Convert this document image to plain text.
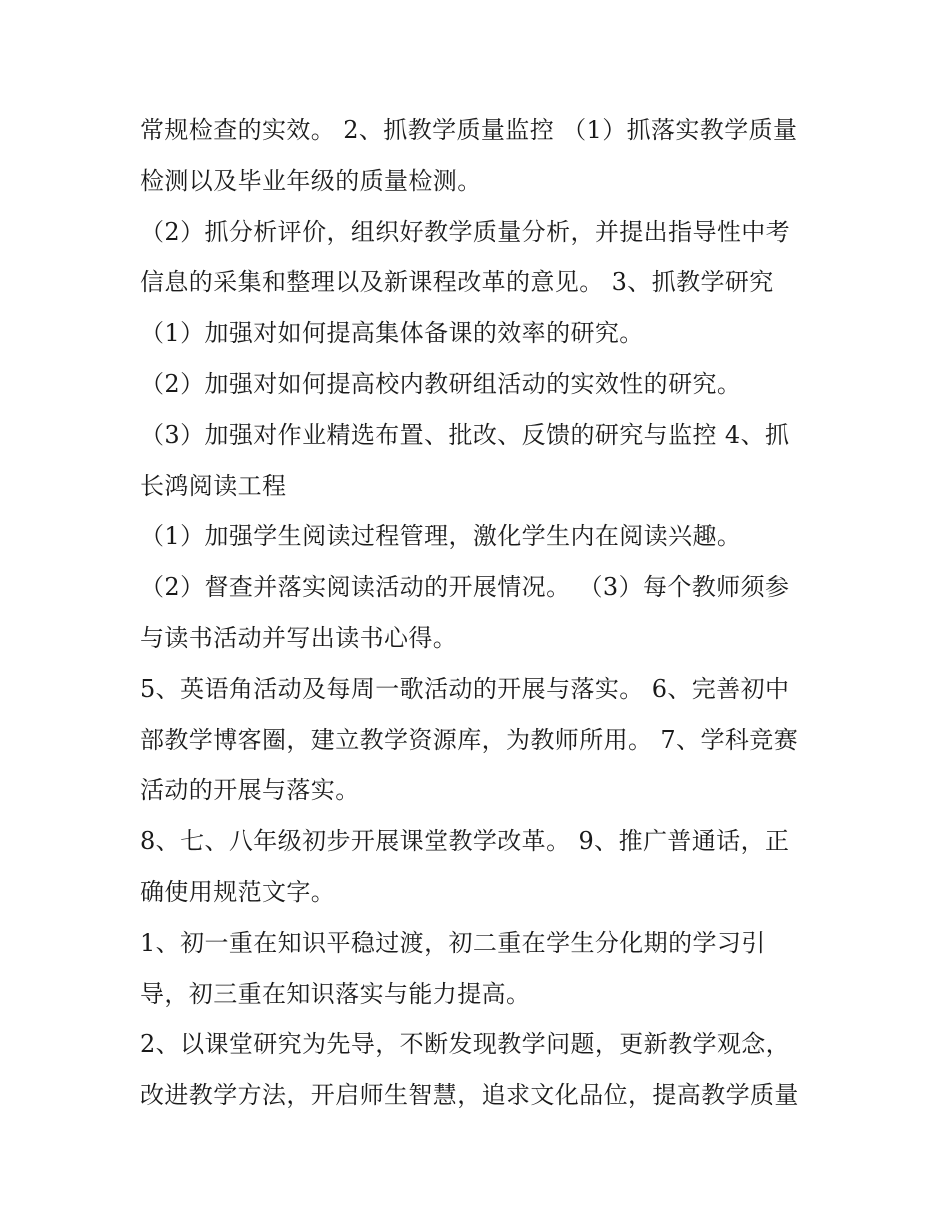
常规检查的实效。 2、抓教学质量监控 （1）抓落实教学质量
检测以及毕业年级的质量检测。
（2）抓分析评价，组织好教学质量分析，并提出指导性中考
信息的采集和整理以及新课程改革的意见。 3、抓教学研究
（1）加强对如何提高集体备课的效率的研究。
（2）加强对如何提高校内教研组活动的实效性的研究。
（3）加强对作业精选布置、批改、反馈的研究与监控 4、抓
长鸿阅读工程
（1）加强学生阅读过程管理，激化学生内在阅读兴趣。
（2）督查并落实阅读活动的开展情况。 （3）每个教师须参
与读书活动并写出读书心得。
5、英语角活动及每周一歌活动的开展与落实。 6、完善初中
部教学博客圈，建立教学资源库，为教师所用。 7、学科竞赛
活动的开展与落实。
8、七、八年级初步开展课堂教学改革。 9、推广普通话，正
确使用规范文字。
1、初一重在知识平稳过渡，初二重在学生分化期的学习引
导，初三重在知识落实与能力提高。
2、以课堂研究为先导，不断发现教学问题，更新教学观念，
改进教学方法，开启师生智慧，追求文化品位，提高教学质量
